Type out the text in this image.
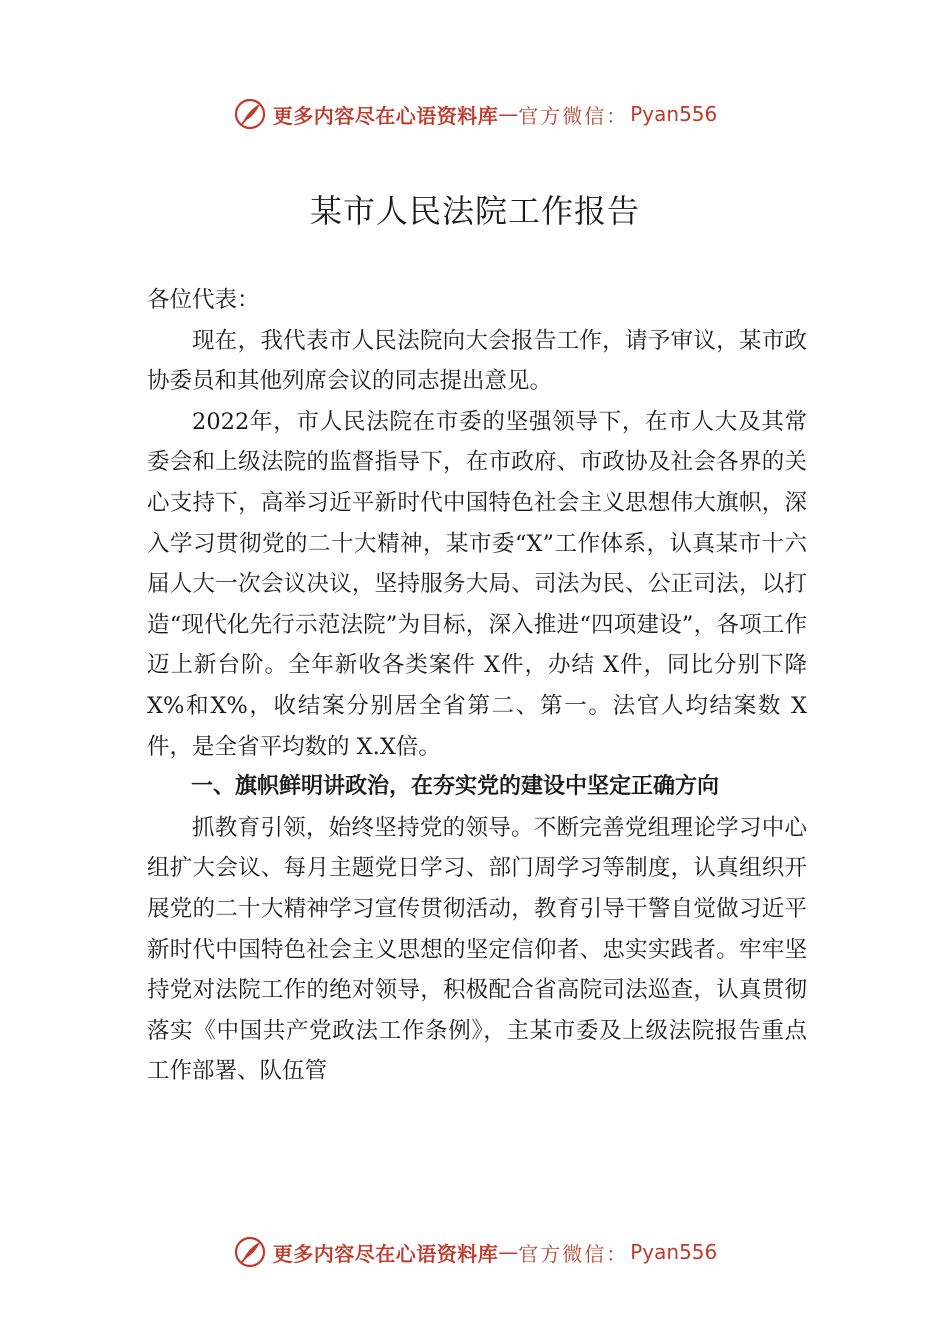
更多内容尽在心语资料库 — 官方微信： Pyan556
某市人民法院工作报告

各位代表：

现在，我代表市人民法院向大会报告工作，请予审议，某市政协委员和其他列席会议的同志提出意见。

2022年，市人民法院在市委的坚强领导下，在市人大及其常委会和上级法院的监督指导下，在市政府、市政协及社会各界的关心支持下，高举习近平新时代中国特色社会主义思想伟大旗帜，深入学习贯彻党的二十大精神，某市委“X”工作体系，认真某市十六届人大一次会议决议，坚持服务大局、司法为民、公正司法，以打造“现代化先行示范法院”为目标，深入推进“四项建设”，各项工作迈上新台阶。全年新收各类案件 X件，办结 X件，同比分别下降 X%和X%，收结案分别居全省第二、第一。法官人均结案数 X件，是全省平均数的 X.X倍。

一、旗帜鲜明讲政治，在夯实党的建设中坚定正确方向

抓教育引领，始终坚持党的领导。不断完善党组理论学习中心组扩大会议、每月主题党日学习、部门周学习等制度，认真组织开展党的二十大精神学习宣传贯彻活动，教育引导干警自觉做习近平新时代中国特色社会主义思想的坚定信仰者、忠实实践者。牢牢坚持党对法院工作的绝对领导，积极配合省高院司法巡查，认真贯彻落实《中国共产党政法工作条例》，主某市委及上级法院报告重点工作部署、队伍管

更多内容尽在心语资料库 — 官方微信： Pyan556
